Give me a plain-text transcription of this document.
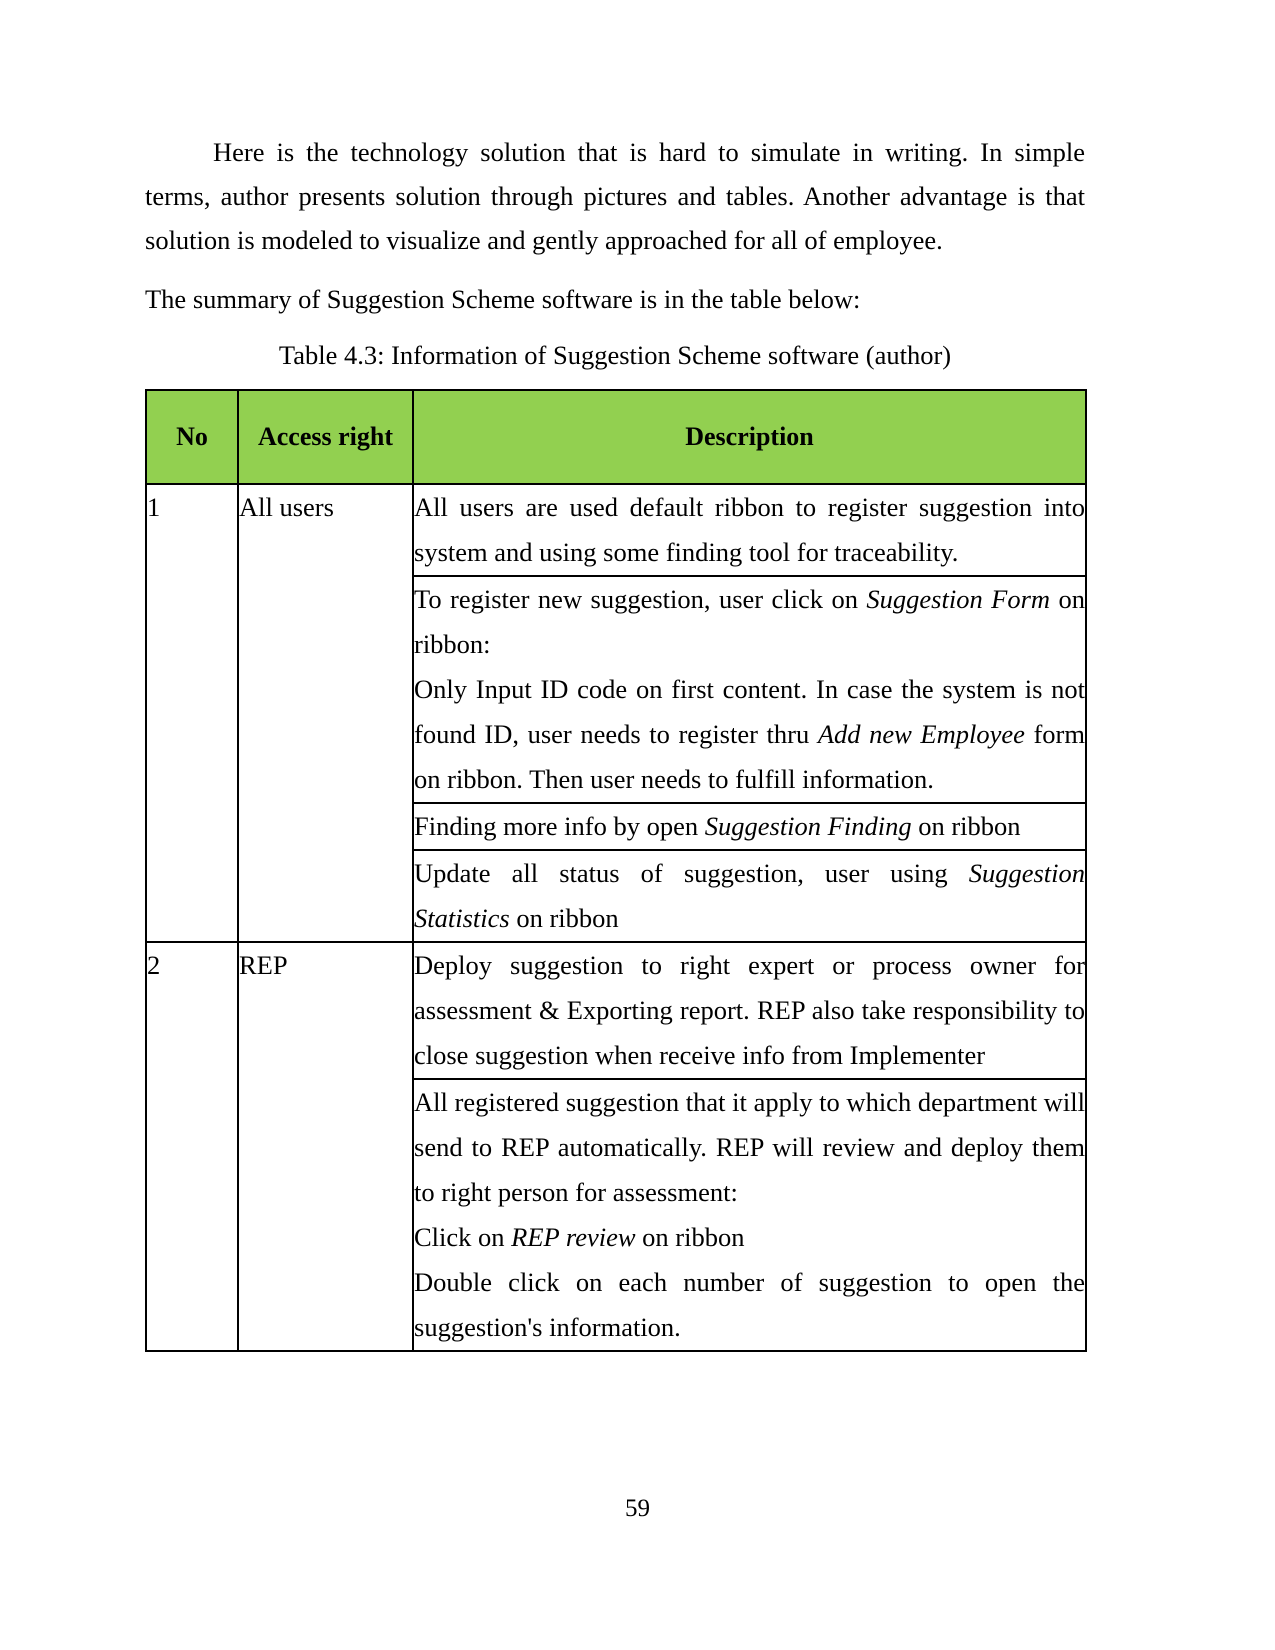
Here is the technology solution that is hard to simulate in writing. In simple terms, author presents solution through pictures and tables. Another advantage is that solution is modeled to visualize and gently approached for all of employee.

The summary of Suggestion Scheme software is in the table below:

Table 4.3: Information of Suggestion Scheme software (author)
No	Access right	Description
1	All users	All users are used default ribbon to register suggestion into system and using some finding tool for traceability.

		To register new suggestion, user click on Suggestion Form on ribbon:
Only Input ID code on first content. In case the system is not found ID, user needs to register thru Add new Employee form on ribbon. Then user needs to fulfill information.

		Finding more info by open Suggestion Finding on ribbon
		Update all status of suggestion, user using Suggestion Statistics on ribbon
2	REP	Deploy suggestion to right expert or process owner for assessment & Exporting report. REP also take responsibility to close suggestion when receive info from Implementer

		All registered suggestion that it apply to which department will send to REP automatically. REP will review and deploy them to right person for assessment:
Click on REP review on ribbon
Double click on each number of suggestion to open the suggestion's information.
59
